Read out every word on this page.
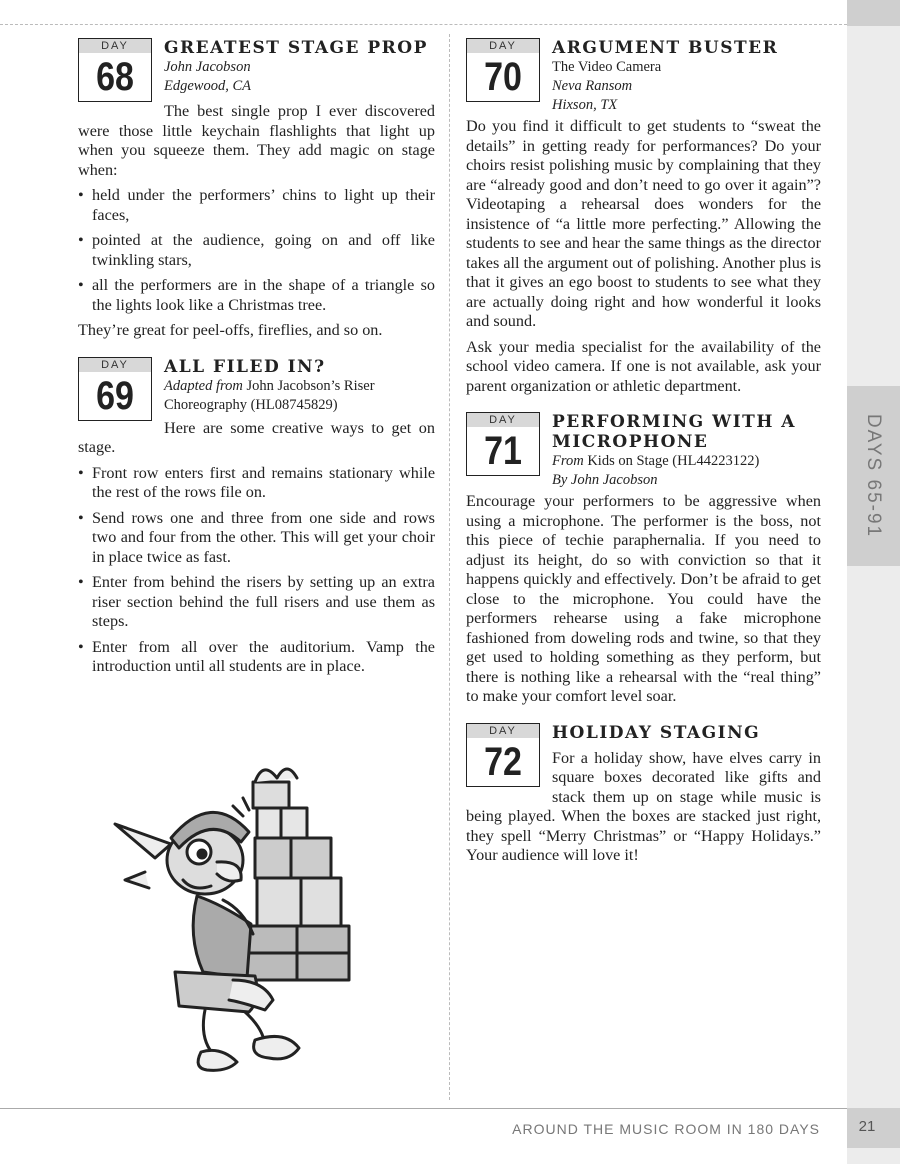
DAYS 65-91
DAY
68
GREATEST STAGE PROP
John Jacobson
Edgewood, CA

The best single prop I ever discovered were those little keychain flashlights that light up when you squeeze them. They add magic on stage when:

• held under the performers’ chins to light up their faces,
• pointed at the audience, going on and off like twinkling stars,
• all the performers are in the shape of a triangle so the lights look like a Christmas tree.

They’re great for peel-offs, fireflies, and so on.

DAY
69
ALL FILED IN?
Adapted from John Jacobson’s Riser Choreography (HL08745829)

Here are some creative ways to get on stage.

• Front row enters first and remains stationary while the rest of the rows file on.
• Send rows one and three from one side and rows two and four from the other. This will get your choir in place twice as fast.
• Enter from behind the risers by setting up an extra riser section behind the full risers and use them as steps.
• Enter from all over the auditorium. Vamp the introduction until all students are in place.
DAY
70
ARGUMENT BUSTER
The Video Camera
Neva Ransom
Hixson, TX

Do you find it difficult to get students to “sweat the details” in getting ready for performances? Do your choirs resist polishing music by complaining that they are “already good and don’t need to go over it again”? Videotaping a rehearsal does wonders for the insistence of “a little more perfecting.” Allowing the students to see and hear the same things as the director takes all the argument out of polishing. Another plus is that it gives an ego boost to students to see what they are actually doing right and how wonderful it looks and sound.

Ask your media specialist for the availability of the school video camera. If one is not available, ask your parent organization or athletic department.

DAY
71
PERFORMING WITH A MICROPHONE
From Kids on Stage (HL44223122)
By John Jacobson

Encourage your performers to be aggressive when using a microphone. The performer is the boss, not this piece of techie paraphernalia. If you need to adjust its height, do so with conviction so that it happens quickly and effectively. Don’t be afraid to get close to the microphone. You could have the performers rehearse using a fake microphone fashioned from doweling rods and twine, so that they get used to holding something as they perform, but there is nothing like a rehearsal with the “real thing” to make your comfort level soar.

DAY
72
HOLIDAY STAGING

For a holiday show, have elves carry in square boxes decorated like gifts and stack them up on stage while music is being played. When the boxes are stacked just right, they spell “Merry Christmas” or “Happy Holidays.” Your audience will love it!

AROUND THE MUSIC ROOM IN 180 DAYS	21
